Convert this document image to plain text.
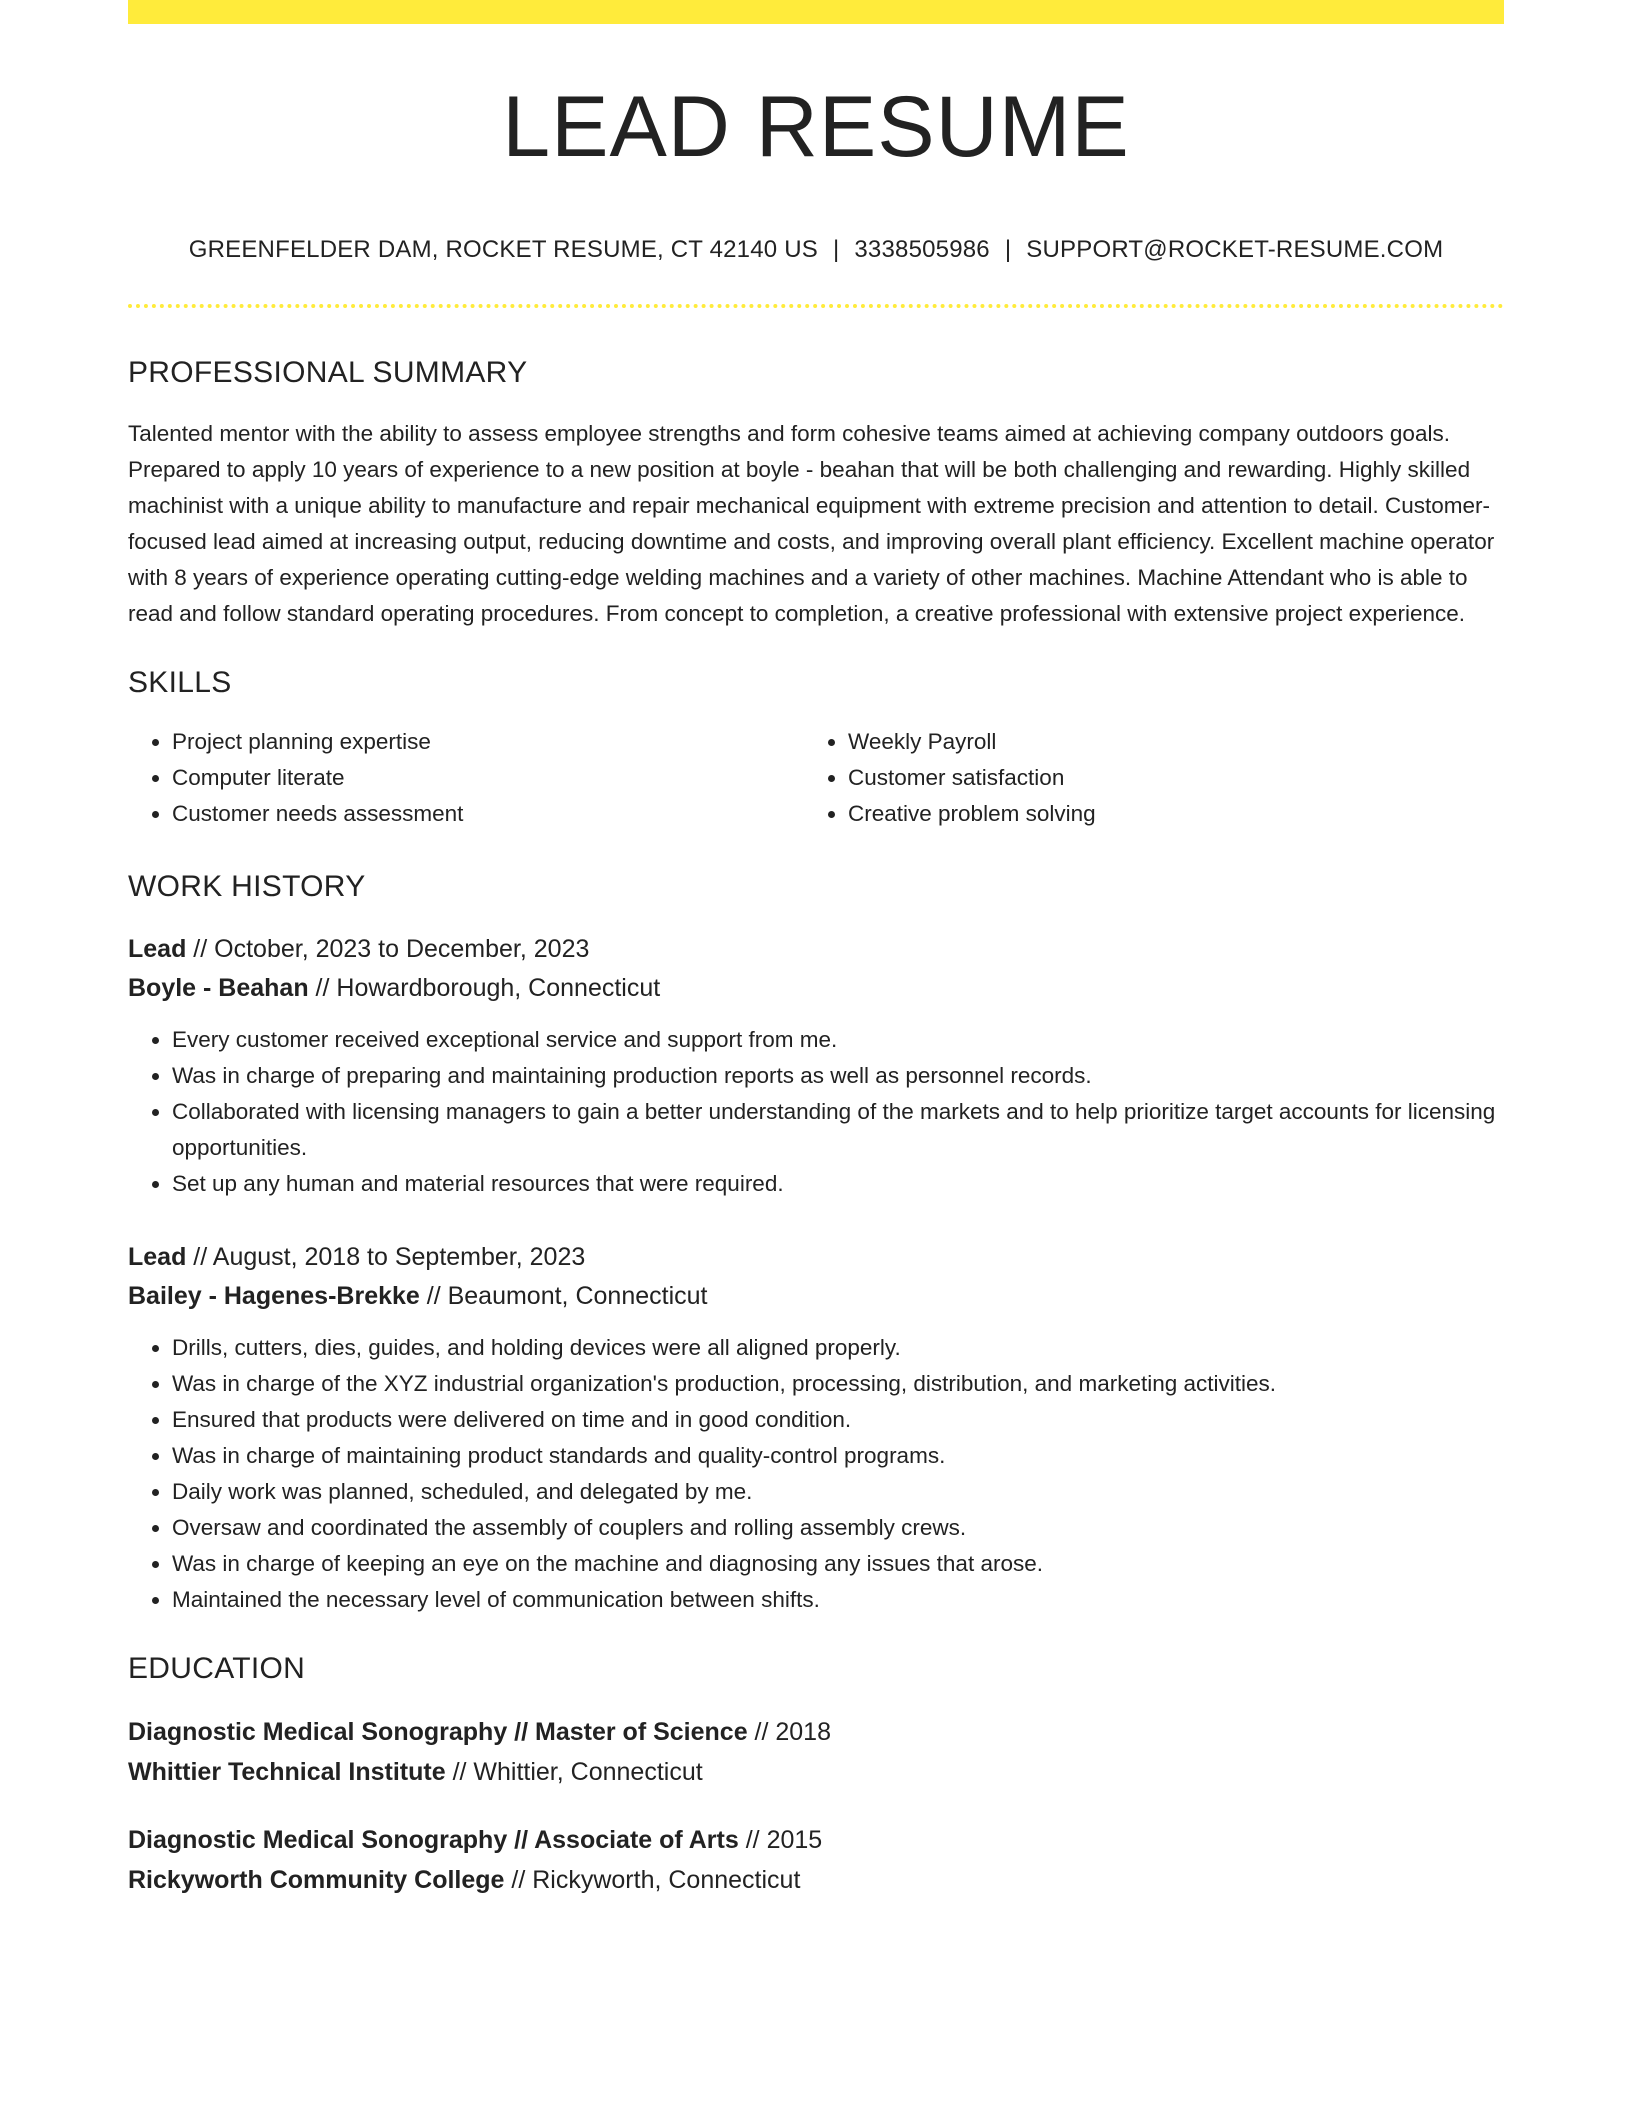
LEAD RESUME
GREENFELDER DAM, ROCKET RESUME, CT 42140 US | 3338505986 | SUPPORT@ROCKET-RESUME.COM
PROFESSIONAL SUMMARY

Talented mentor with the ability to assess employee strengths and form cohesive teams aimed at achieving company outdoors goals. Prepared to apply 10 years of experience to a new position at boyle - beahan that will be both challenging and rewarding. Highly skilled machinist with a unique ability to manufacture and repair mechanical equipment with extreme precision and attention to detail. Customer-focused lead aimed at increasing output, reducing downtime and costs, and improving overall plant efficiency. Excellent machine operator with 8 years of experience operating cutting-edge welding machines and a variety of other machines. Machine Attendant who is able to read and follow standard operating procedures. From concept to completion, a creative professional with extensive project experience.

SKILLS
• Project planning expertise
• Computer literate
• Customer needs assessment
• Weekly Payroll
• Customer satisfaction
• Creative problem solving
WORK HISTORY
Lead // October, 2023 to December, 2023
Boyle - Beahan // Howardborough, Connecticut
• Every customer received exceptional service and support from me.
• Was in charge of preparing and maintaining production reports as well as personnel records.
• Collaborated with licensing managers to gain a better understanding of the markets and to help prioritize target accounts for licensing opportunities.
• Set up any human and material resources that were required.
Lead // August, 2018 to September, 2023
Bailey - Hagenes-Brekke // Beaumont, Connecticut
• Drills, cutters, dies, guides, and holding devices were all aligned properly.
• Was in charge of the XYZ industrial organization's production, processing, distribution, and marketing activities.
• Ensured that products were delivered on time and in good condition.
• Was in charge of maintaining product standards and quality-control programs.
• Daily work was planned, scheduled, and delegated by me.
• Oversaw and coordinated the assembly of couplers and rolling assembly crews.
• Was in charge of keeping an eye on the machine and diagnosing any issues that arose.
• Maintained the necessary level of communication between shifts.
EDUCATION
Diagnostic Medical Sonography // Master of Science // 2018
Whittier Technical Institute // Whittier, Connecticut
Diagnostic Medical Sonography // Associate of Arts // 2015
Rickyworth Community College // Rickyworth, Connecticut
